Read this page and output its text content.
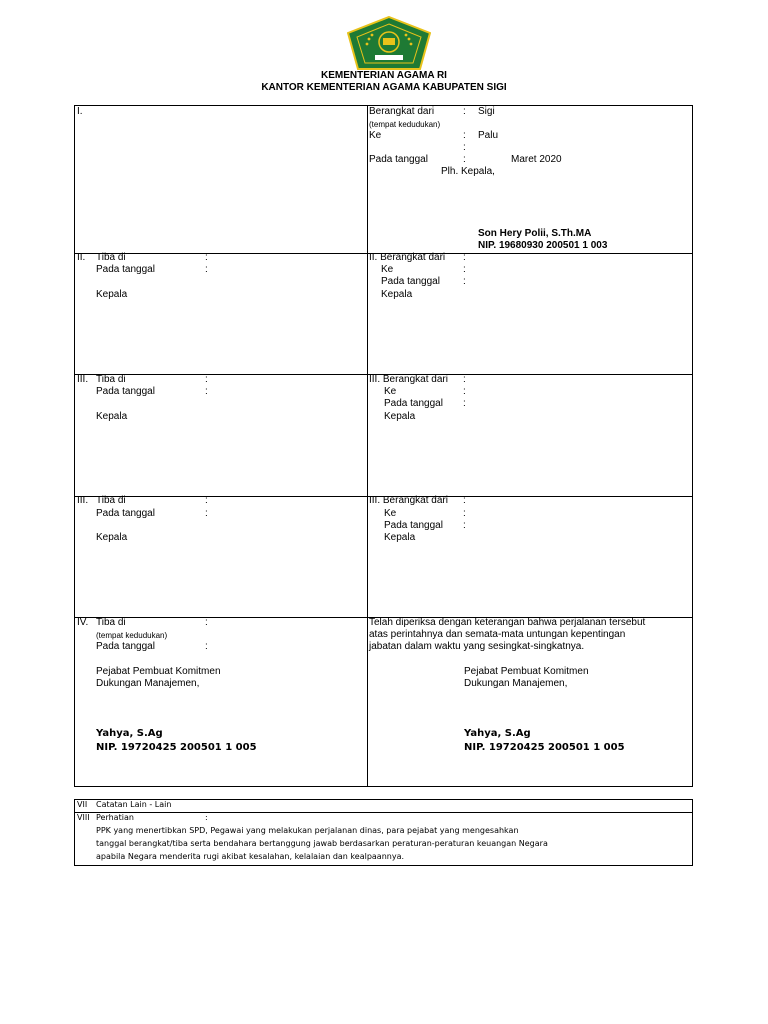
KEMENTERIAN AGAMA RI
KANTOR KEMENTERIAN AGAMA KABUPATEN SIGI
I.	Berangkat dari	: Sigi
(tempat kedudukan)
Ke	: Palu
:
Pada tanggal	:	Maret 2020
Plh. Kepala,
Son Hery Polii, S.Th.MA
NIP. 19680930 200501 1 003
II. Tiba di	:
Pada tanggal	:
Kepala
II. Berangkat dari :
Ke	:
Pada tanggal :
Kepala
III. Tiba di	:
Pada tanggal	:
Kepala
III. Berangkat dari :
Ke	:
Pada tanggal :
Kepala
III. Tiba di	:
Pada tanggal	:
Kepala
III. Berangkat dari :
Ke	:
Pada tanggal :
Kepala
IV. Tiba di	:
(tempat kedudukan)
Pada tanggal	:
Pejabat Pembuat Komitmen
Dukungan Manajemen,
Yahya, S.Ag
NIP. 19720425 200501 1 005
Telah diperiksa dengan keterangan bahwa perjalanan tersebut
atas perintahnya dan semata-mata untungan kepentingan
jabatan dalam waktu yang sesingkat-singkatnya.
Pejabat Pembuat Komitmen
Dukungan Manajemen,
Yahya, S.Ag
NIP. 19720425 200501 1 005
VII Catatan Lain - Lain
VIII Perhatian	:
PPK yang menertibkan SPD, Pegawai yang melakukan perjalanan dinas, para pejabat yang mengesahkan
tanggal berangkat/tiba serta bendahara bertanggung jawab berdasarkan peraturan-peraturan keuangan Negara
apabila Negara menderita rugi akibat kesalahan, kelalaian dan kealpaannya.
